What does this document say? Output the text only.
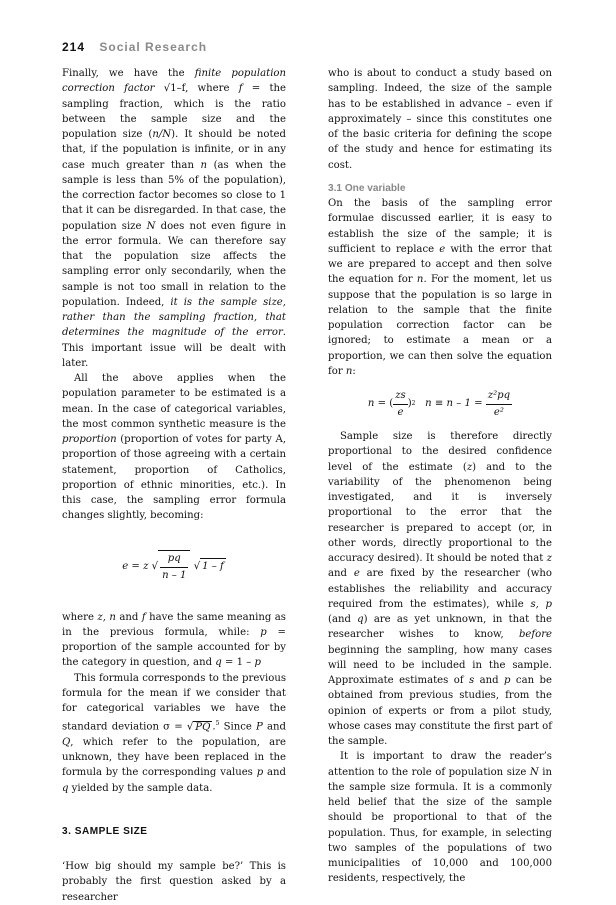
214 Social Research

Finally, we have the finite population correction factor √1–f, where f = the sampling fraction, which is the ratio between the sample size and the population size (n/N). It should be noted that, if the population is infinite, or in any case much greater than n (as when the sample is less than 5% of the population), the correction factor becomes so close to 1 that it can be disregarded. In that case, the population size N does not even figure in the error formula. We can therefore say that the population size affects the sampling error only secondarily, when the sample is not too small in relation to the population. Indeed, it is the sample size, rather than the sampling fraction, that determines the magnitude of the error. This important issue will be dealt with later.

All the above applies when the population parameter to be estimated is a mean. In the case of categorical variables, the most common synthetic measure is the proportion (proportion of votes for party A, proportion of those agreeing with a certain statement, proportion of Catholics, proportion of ethnic minorities, etc.). In this case, the sampling error formula changes slightly, becoming:

e = z
√ $\frac{pq}{n - 1}$
√ 1 – f

where z, n and f have the same meaning as in the previous formula, while: p = proportion of the sample accounted for by the category in question, and q = 1 – p

This formula corresponds to the previous formula for the mean if we consider that for categorical variables we have the standard deviation σ = √ PQ .$^5$ Since P and Q, which refer to the population, are unknown, they have been replaced in the formula by the corresponding values p and q yielded by the sample data.

3. SAMPLE SIZE

‘How big should my sample be?’ This is probably the first question asked by a researcher

who is about to conduct a study based on sampling. Indeed, the size of the sample has to be established in advance – even if approximately – since this constitutes one of the basic criteria for defining the scope of the study and hence for estimating its cost.

3.1 One variable

On the basis of the sampling error formulae discussed earlier, it is easy to establish the size of the sample; it is sufficient to replace e with the error that we are prepared to accept and then solve the equation for n. For the moment, let us suppose that the population is so large in relation to the sample that the finite population correction factor can be ignored; to estimate a mean or a proportion, we can then solve the equation for n:

n = ( $\frac{zs}{e}$ ) 2
n ≡ n – 1 =
$\frac{\text{z²pq}}{\text{e²}}$

Sample size is therefore directly proportional to the desired confidence level of the estimate (z) and to the variability of the phenomenon being investigated, and it is inversely proportional to the error that the researcher is prepared to accept (or, in other words, directly proportional to the accuracy desired). It should be noted that z and e are fixed by the researcher (who establishes the reliability and accuracy required from the estimates), while s, p (and q) are as yet unknown, in that the researcher wishes to know, before beginning the sampling, how many cases will need to be included in the sample. Approximate estimates of s and p can be obtained from previous studies, from the opinion of experts or from a pilot study, whose cases may constitute the first part of the sample.

It is important to draw the reader’s attention to the role of population size N in the sample size formula. It is a commonly held belief that the size of the sample should be proportional to that of the population. Thus, for example, in selecting two samples of the populations of two municipalities of 10,000 and 100,000 residents, respectively, the
